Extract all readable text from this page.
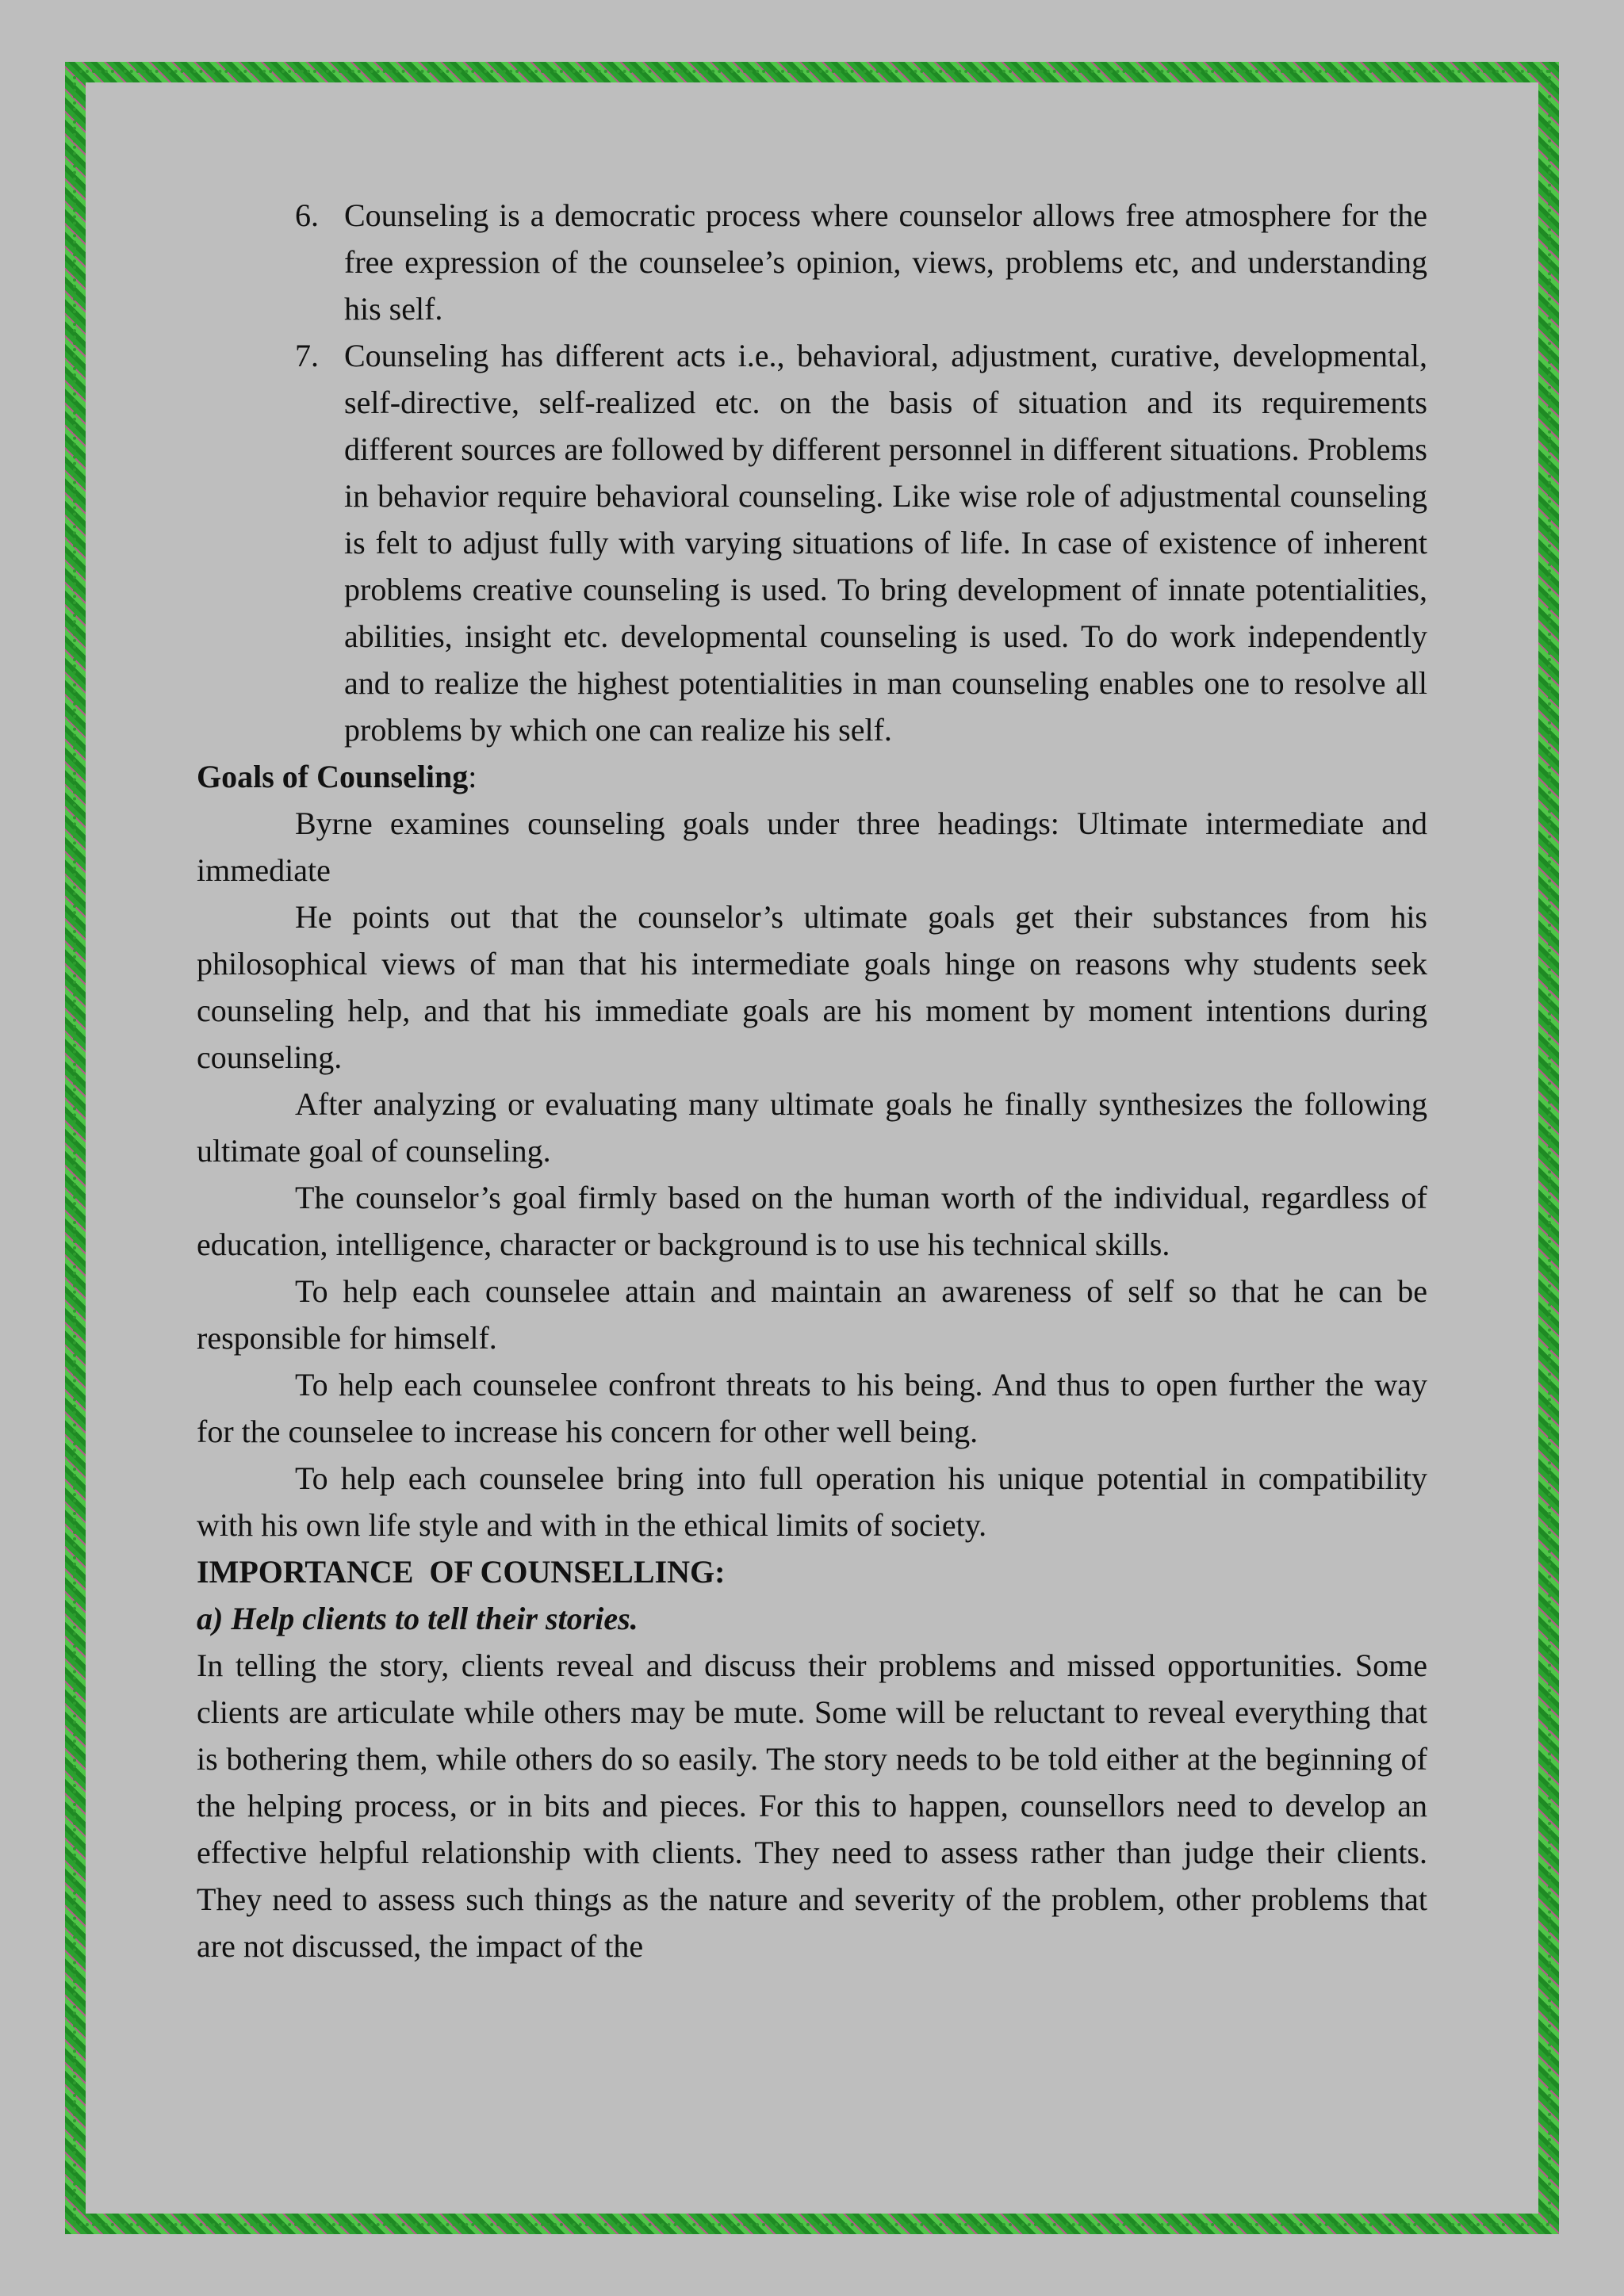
6. Counseling is a democratic process where counselor allows free atmosphere for the free expression of the counselee’s opinion, views, problems etc, and understanding his self.
7. Counseling has different acts i.e., behavioral, adjustment, curative, developmental, self-directive, self-realized etc. on the basis of situation and its requirements different sources are followed by different personnel in different situations. Problems in behavior require behavioral counseling. Like wise role of adjustmental counseling is felt to adjust fully with varying situations of life. In case of existence of inherent problems creative counseling is used. To bring development of innate potentialities, abilities, insight etc. developmental counseling is used. To do work independently and to realize the highest potentialities in man counseling enables one to resolve all problems by which one can realize his self.
Goals of Counseling:
Byrne examines counseling goals under three headings: Ultimate intermediate and immediate
He points out that the counselor’s ultimate goals get their substances from his philosophical views of man that his intermediate goals hinge on reasons why students seek counseling help, and that his immediate goals are his moment by moment intentions during counseling.
After analyzing or evaluating many ultimate goals he finally synthesizes the following ultimate goal of counseling.
The counselor’s goal firmly based on the human worth of the individual, regardless of education, intelligence, character or background is to use his technical skills.
To help each counselee attain and maintain an awareness of self so that he can be responsible for himself.
To help each counselee confront threats to his being. And thus to open further the way for the counselee to increase his concern for other well being.
To help each counselee bring into full operation his unique potential in compatibility with his own life style and with in the ethical limits of society.
IMPORTANCE  OF COUNSELLING:
a) Help clients to tell their stories.
In telling the story, clients reveal and discuss their problems and missed opportunities. Some clients are articulate while others may be mute. Some will be reluctant to reveal everything that is bothering them, while others do so easily. The story needs to be told either at the beginning of the helping process, or in bits and pieces. For this to happen, counsellors need to develop an effective helpful relationship with clients. They need to assess rather than judge their clients. They need to assess such things as the nature and severity of the problem, other problems that are not discussed, the impact of the
